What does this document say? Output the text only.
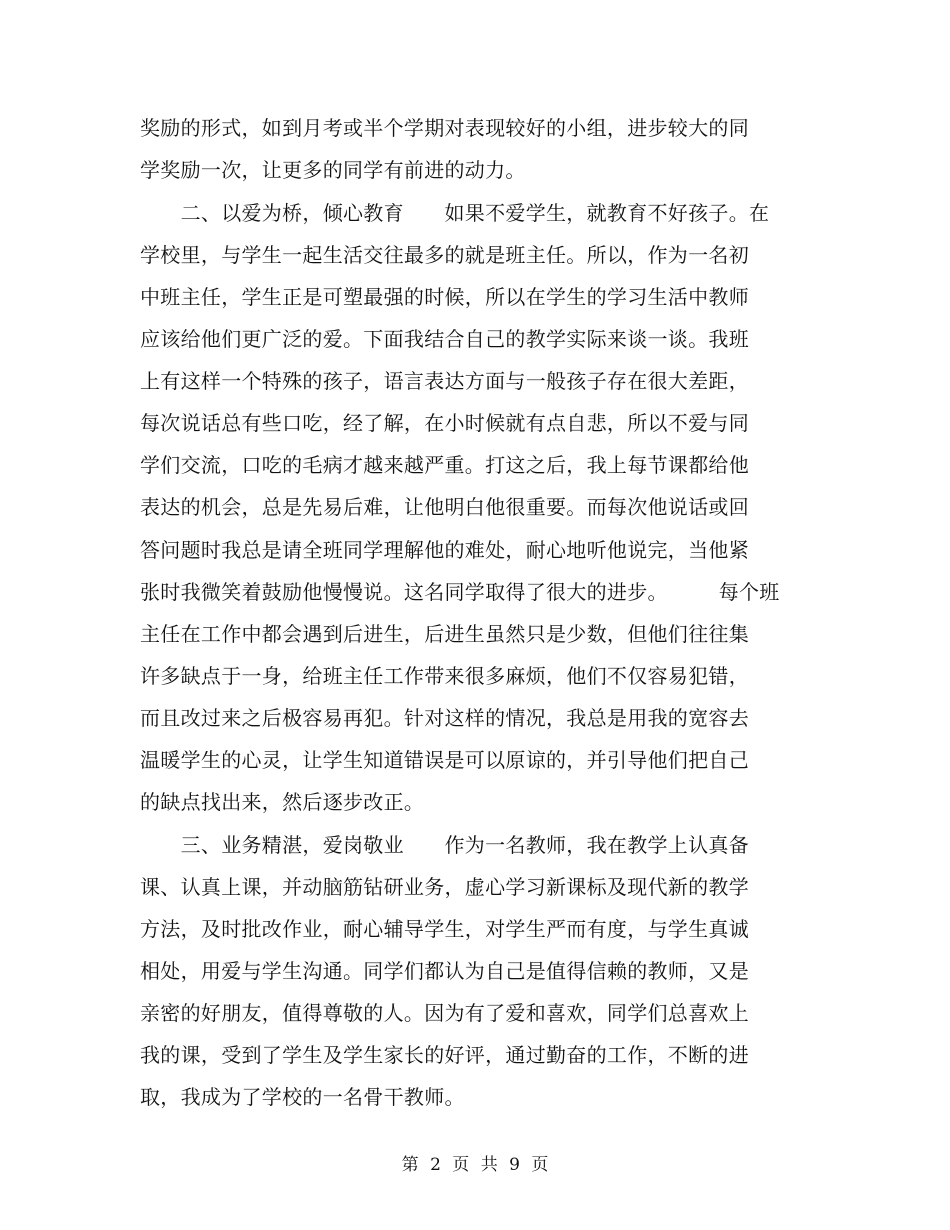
奖励的形式，如到月考或半个学期对表现较好的小组，进步较大的同
学奖励一次，让更多的同学有前进的动力。
　　二、以爱为桥，倾心教育　　如果不爱学生，就教育不好孩子。在
学校里，与学生一起生活交往最多的就是班主任。所以，作为一名初
中班主任，学生正是可塑最强的时候，所以在学生的学习生活中教师
应该给他们更广泛的爱。下面我结合自己的教学实际来谈一谈。我班
上有这样一个特殊的孩子，语言表达方面与一般孩子存在很大差距，
每次说话总有些口吃，经了解，在小时候就有点自悲，所以不爱与同
学们交流，口吃的毛病才越来越严重。打这之后，我上每节课都给他
表达的机会，总是先易后难，让他明白他很重要。而每次他说话或回
答问题时我总是请全班同学理解他的难处，耐心地听他说完，当他紧
张时我微笑着鼓励他慢慢说。这名同学取得了很大的进步。　　　每个班
主任在工作中都会遇到后进生，后进生虽然只是少数，但他们往往集
许多缺点于一身，给班主任工作带来很多麻烦，他们不仅容易犯错，
而且改过来之后极容易再犯。针对这样的情况，我总是用我的宽容去
温暖学生的心灵，让学生知道错误是可以原谅的，并引导他们把自己
的缺点找出来，然后逐步改正。
　　三、业务精湛，爱岗敬业　　作为一名教师，我在教学上认真备
课、认真上课，并动脑筋钻研业务，虚心学习新课标及现代新的教学
方法，及时批改作业，耐心辅导学生，对学生严而有度，与学生真诚
相处，用爱与学生沟通。同学们都认为自己是值得信赖的教师，又是
亲密的好朋友，值得尊敬的人。因为有了爱和喜欢，同学们总喜欢上
我的课，受到了学生及学生家长的好评，通过勤奋的工作，不断的进
取，我成为了学校的一名骨干教师。
第 2 页 共 9 页
